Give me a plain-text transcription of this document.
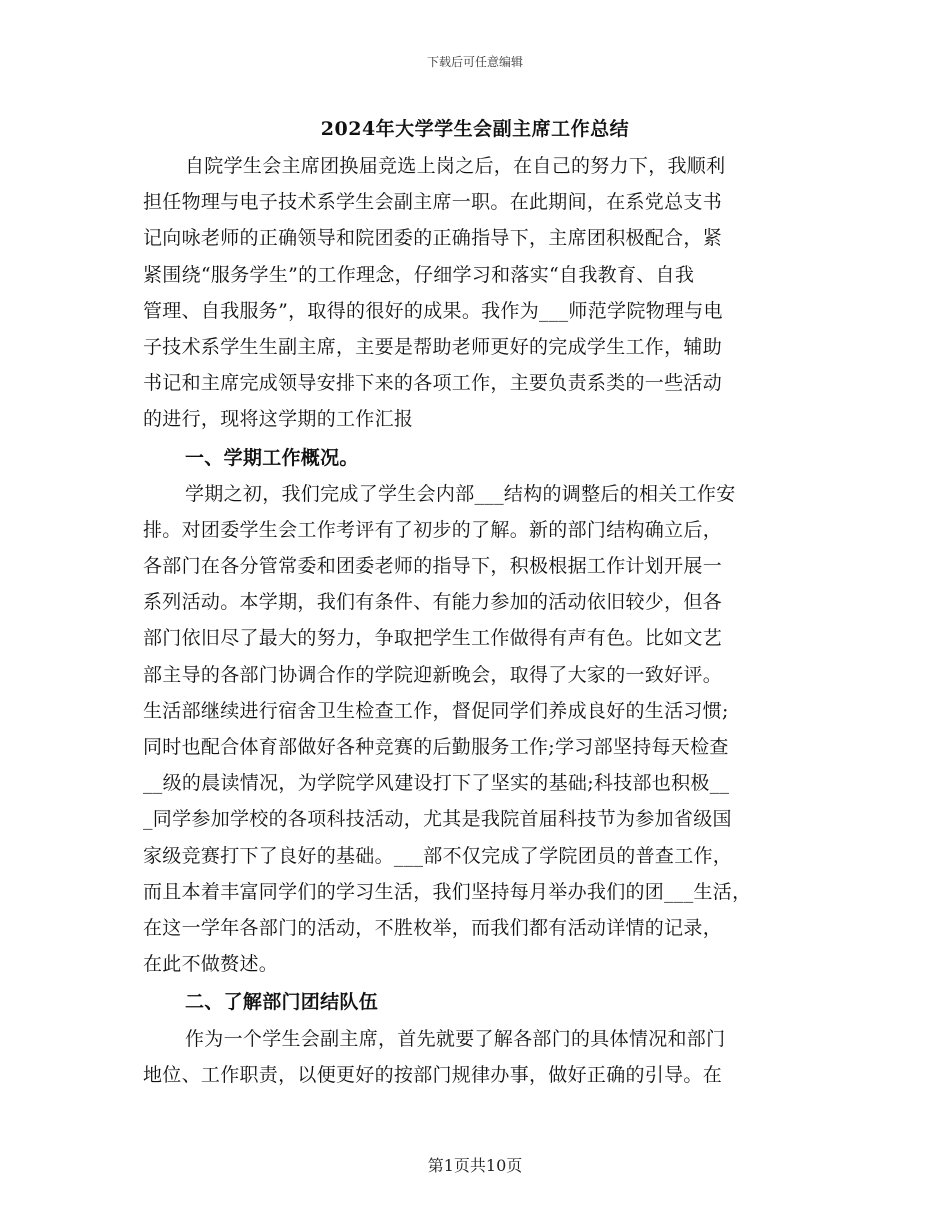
下载后可任意编辑
2024年大学学生会副主席工作总结
自院学生会主席团换届竞选上岗之后，在自己的努力下，我顺利
担任物理与电子技术系学生会副主席一职。在此期间，在系党总支书
记向咏老师的正确领导和院团委的正确指导下，主席团积极配合，紧
紧围绕“服务学生”的工作理念，仔细学习和落实“自我教育、自我
管理、自我服务”，取得的很好的成果。我作为___师范学院物理与电
子技术系学生生副主席，主要是帮助老师更好的完成学生工作，辅助
书记和主席完成领导安排下来的各项工作，主要负责系类的一些活动
的进行，现将这学期的工作汇报
一、学期工作概况。
学期之初，我们完成了学生会内部___结构的调整后的相关工作安
排。对团委学生会工作考评有了初步的了解。新的部门结构确立后，
各部门在各分管常委和团委老师的指导下，积极根据工作计划开展一
系列活动。本学期，我们有条件、有能力参加的活动依旧较少，但各
部门依旧尽了最大的努力，争取把学生工作做得有声有色。比如文艺
部主导的各部门协调合作的学院迎新晚会，取得了大家的一致好评。
生活部继续进行宿舍卫生检查工作，督促同学们养成良好的生活习惯;
同时也配合体育部做好各种竞赛的后勤服务工作;学习部坚持每天检查
__级的晨读情况，为学院学风建设打下了坚实的基础;科技部也积极__
_同学参加学校的各项科技活动，尤其是我院首届科技节为参加省级国
家级竞赛打下了良好的基础。___部不仅完成了学院团员的普查工作，
而且本着丰富同学们的学习生活，我们坚持每月举办我们的团___生活，
在这一学年各部门的活动，不胜枚举，而我们都有活动详情的记录，
在此不做赘述。
二、了解部门团结队伍
作为一个学生会副主席，首先就要了解各部门的具体情况和部门
地位、工作职责，以便更好的按部门规律办事，做好正确的引导。在
第1页共10页
